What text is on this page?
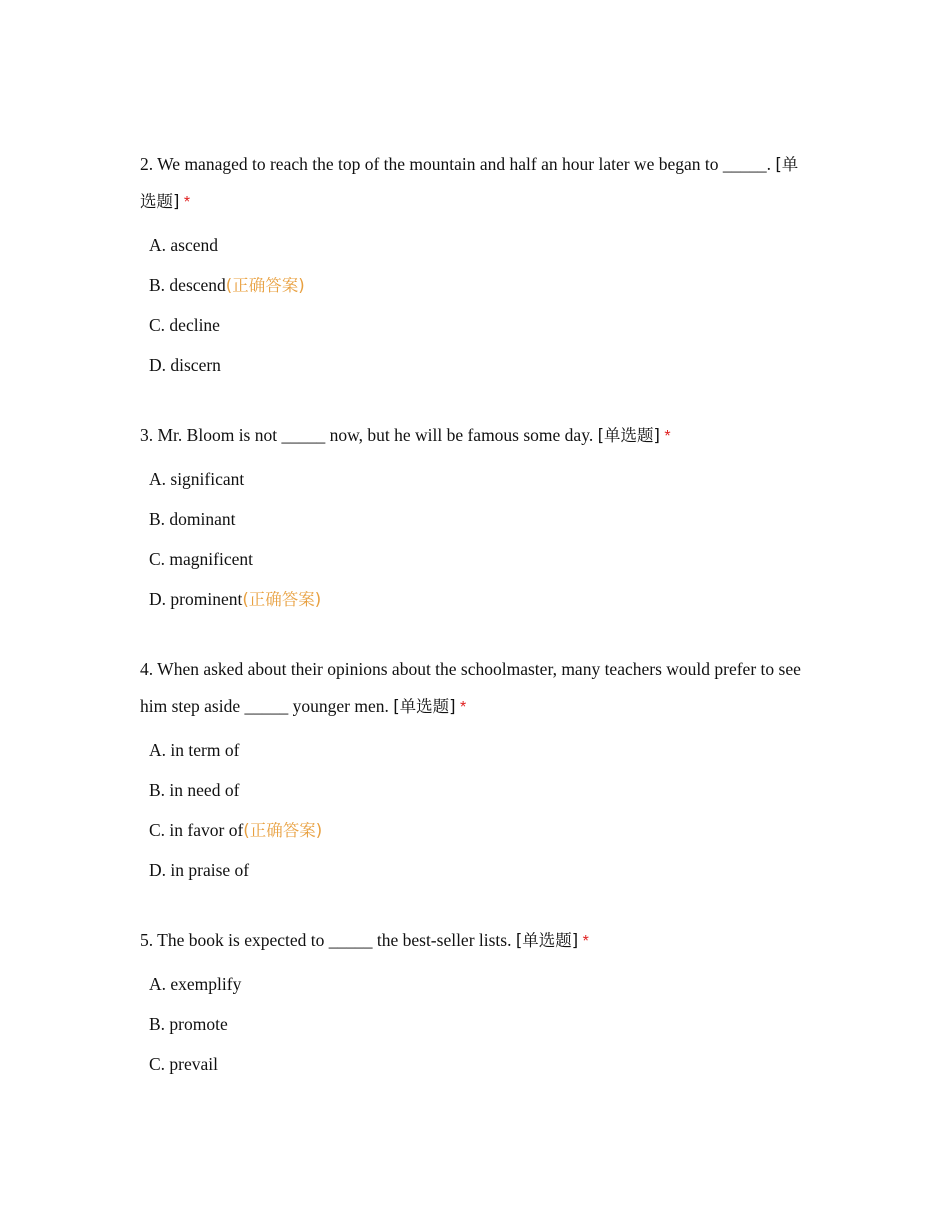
2. We managed to reach the top of the mountain and half an hour later we began to _____. [单选题] *

A. ascend
B. descend(正确答案)
C. decline
D. discern

3. Mr. Bloom is not _____ now, but he will be famous some day. [单选题] *

A. significant
B. dominant
C. magnificent
D. prominent(正确答案)

4. When asked about their opinions about the schoolmaster, many teachers would prefer to see him step aside _____ younger men. [单选题] *

A. in term of
B. in need of
C. in favor of(正确答案)
D. in praise of

5. The book is expected to _____ the best-seller lists. [单选题] *

A. exemplify
B. promote
C. prevail
